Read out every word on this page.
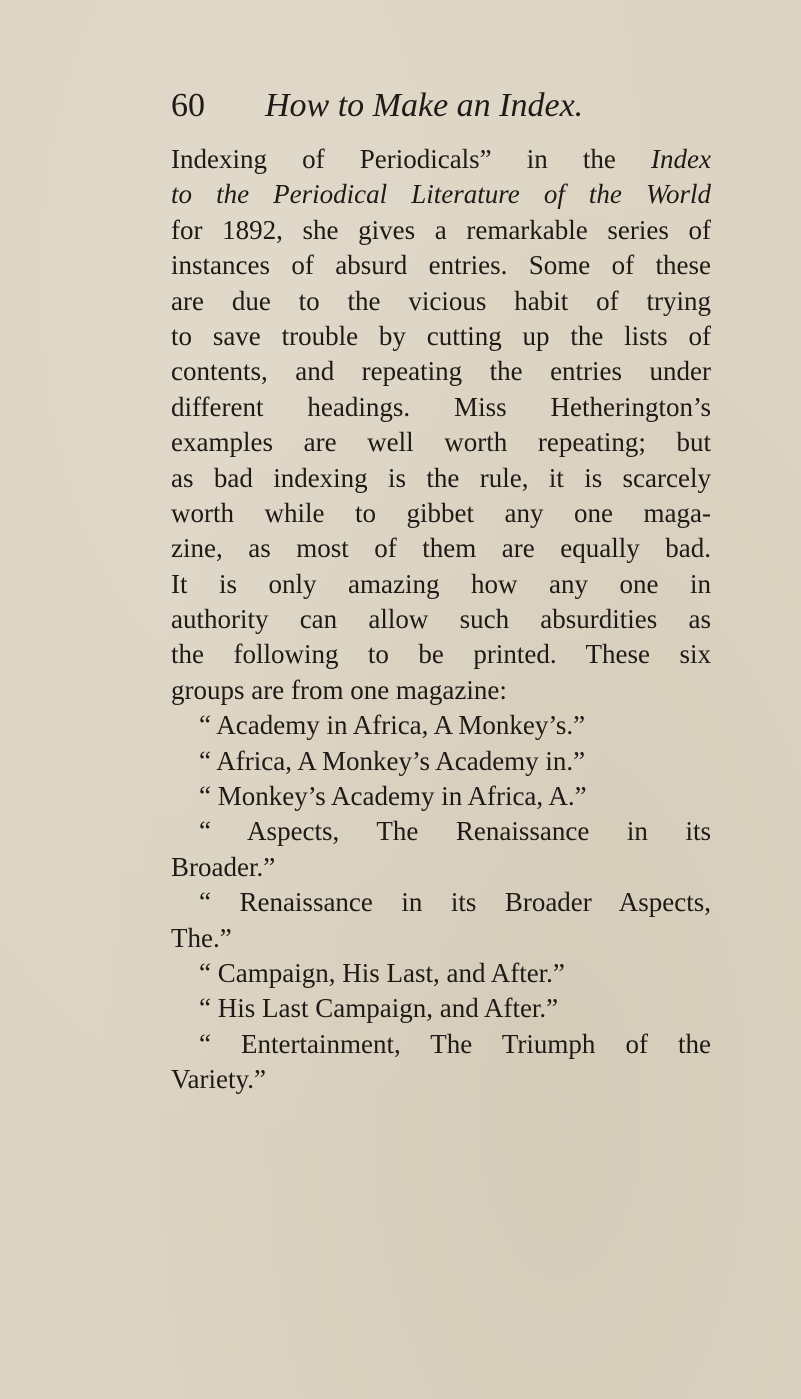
60 How to Make an Index.
Indexing of Periodicals” in the Index
to the Periodical Literature of the World
for 1892, she gives a remarkable series of
instances of absurd entries. Some of these
are due to the vicious habit of trying
to save trouble by cutting up the lists of
contents, and repeating the entries under
different headings. Miss Hetherington’s
examples are well worth repeating; but
as bad indexing is the rule, it is scarcely
worth while to gibbet any one maga-
zine, as most of them are equally bad.
It is only amazing how any one in
authority can allow such absurdities as
the following to be printed. These six
groups are from one magazine:
“ Academy in Africa, A Monkey’s.”
“ Africa, A Monkey’s Academy in.”
“ Monkey’s Academy in Africa, A.”
“ Aspects, The Renaissance in its
Broader.”
“ Renaissance in its Broader Aspects,
The.”
“ Campaign, His Last, and After.”
“ His Last Campaign, and After.”
“ Entertainment, The Triumph of the
Variety.”
